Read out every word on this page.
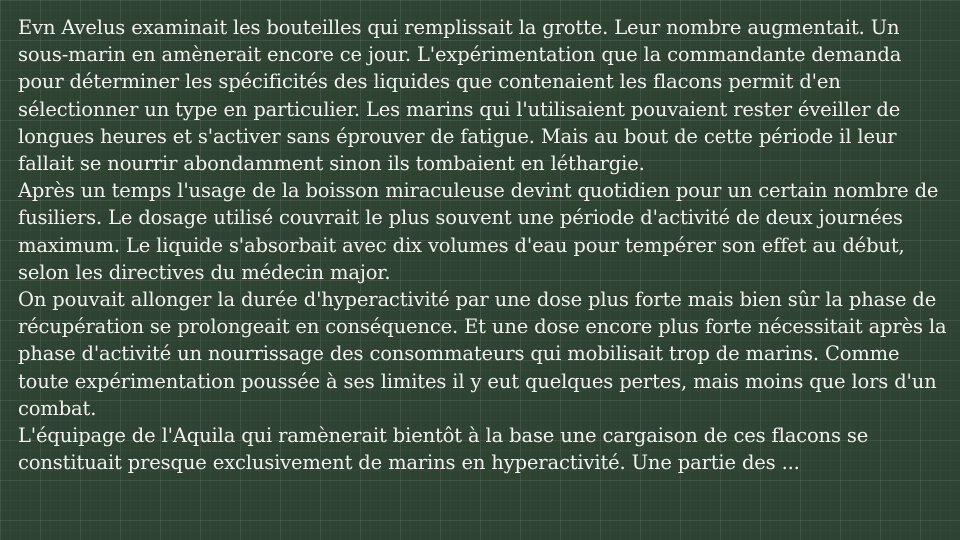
Evn Avelus examinait les bouteilles qui remplissait la grotte. Leur nombre augmentait. Un sous-marin en amènerait encore ce jour. L'expérimentation que la commandante demanda pour déterminer les spécificités des liquides que contenaient les flacons permit d'en sélectionner un type en particulier. Les marins qui l'utilisaient pouvaient rester éveiller de longues heures et s'activer sans éprouver de fatigue. Mais au bout de cette période il leur fallait se nourrir abondamment sinon ils tombaient en léthargie.

Après un temps l'usage de la boisson miraculeuse devint quotidien pour un certain nombre de fusiliers. Le dosage utilisé couvrait le plus souvent une période d'activité de deux journées maximum. Le liquide s'absorbait avec dix volumes d'eau pour tempérer son effet au début, selon les directives du médecin major.

On pouvait allonger la durée d'hyperactivité par une dose plus forte mais bien sûr la phase de récupération se prolongeait en conséquence. Et une dose encore plus forte nécessitait après la phase d'activité un nourrissage des consommateurs qui mobilisait trop de marins. Comme toute expérimentation poussée à ses limites il y eut quelques pertes, mais moins que lors d'un combat.

L'équipage de l'Aquila qui ramènerait bientôt à la base une cargaison de ces flacons se constituait presque exclusivement de marins en hyperactivité. Une partie des ...
